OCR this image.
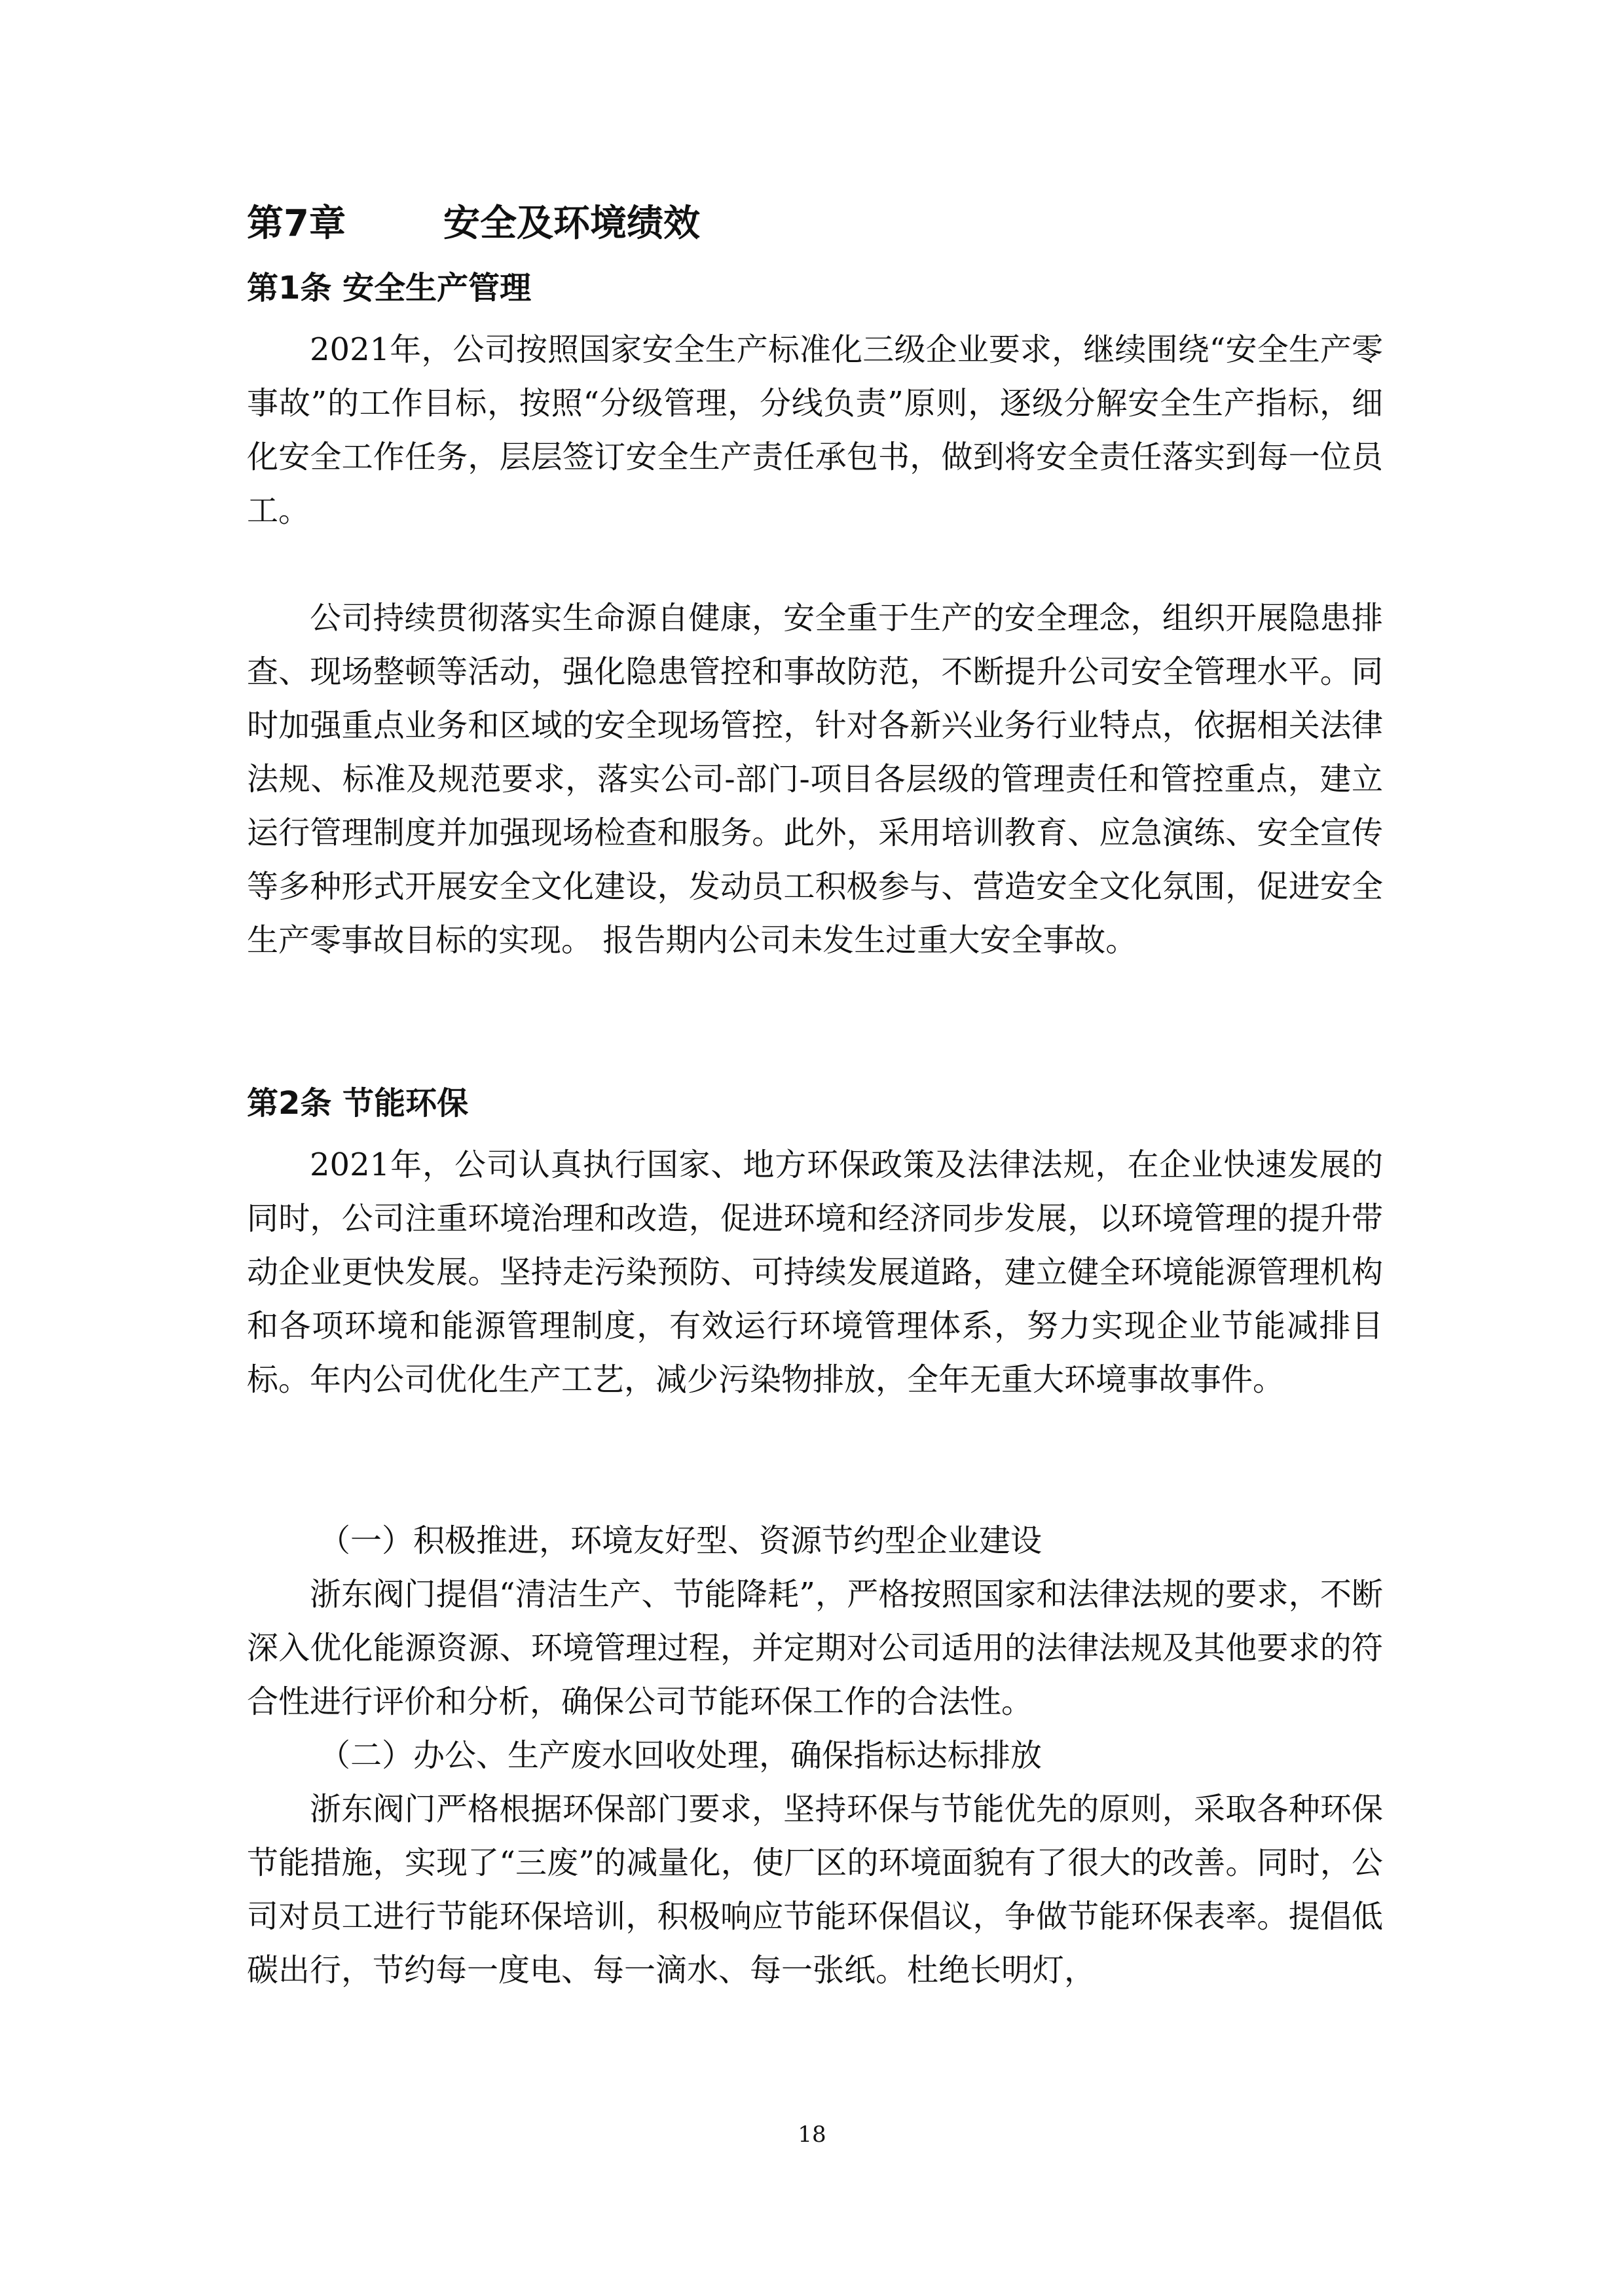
第7章	安全及环境绩效
第1条 安全生产管理

2021年，公司按照国家安全生产标准化三级企业要求，继续围绕“安全生产零事故”的工作目标，按照“分级管理，分线负责”原则，逐级分解安全生产指标，细化安全工作任务，层层签订安全生产责任承包书，做到将安全责任落实到每一位员工。

公司持续贯彻落实生命源自健康，安全重于生产的安全理念，组织开展隐患排查、现场整顿等活动，强化隐患管控和事故防范，不断提升公司安全管理水平。同时加强重点业务和区域的安全现场管控，针对各新兴业务行业特点，依据相关法律法规、标准及规范要求，落实公司-部门-项目各层级的管理责任和管控重点，建立运行管理制度并加强现场检查和服务。此外，采用培训教育、应急演练、安全宣传等多种形式开展安全文化建设，发动员工积极参与、营造安全文化氛围，促进安全生产零事故目标的实现。 报告期内公司未发生过重大安全事故。

第2条 节能环保

2021年，公司认真执行国家、地方环保政策及法律法规，在企业快速发展的同时，公司注重环境治理和改造，促进环境和经济同步发展，以环境管理的提升带动企业更快发展。坚持走污染预防、可持续发展道路，建立健全环境能源管理机构和各项环境和能源管理制度，有效运行环境管理体系，努力实现企业节能减排目标。年内公司优化生产工艺，减少污染物排放，全年无重大环境事故事件。

（一）积极推进，环境友好型、资源节约型企业建设

浙东阀门提倡“清洁生产、节能降耗”，严格按照国家和法律法规的要求，不断深入优化能源资源、环境管理过程，并定期对公司适用的法律法规及其他要求的符合性进行评价和分析，确保公司节能环保工作的合法性。

（二）办公、生产废水回收处理，确保指标达标排放

浙东阀门严格根据环保部门要求，坚持环保与节能优先的原则，采取各种环保节能措施，实现了“三废”的减量化，使厂区的环境面貌有了很大的改善。同时，公司对员工进行节能环保培训，积极响应节能环保倡议，争做节能环保表率。提倡低碳出行，节约每一度电、每一滴水、每一张纸。杜绝长明灯，

18
